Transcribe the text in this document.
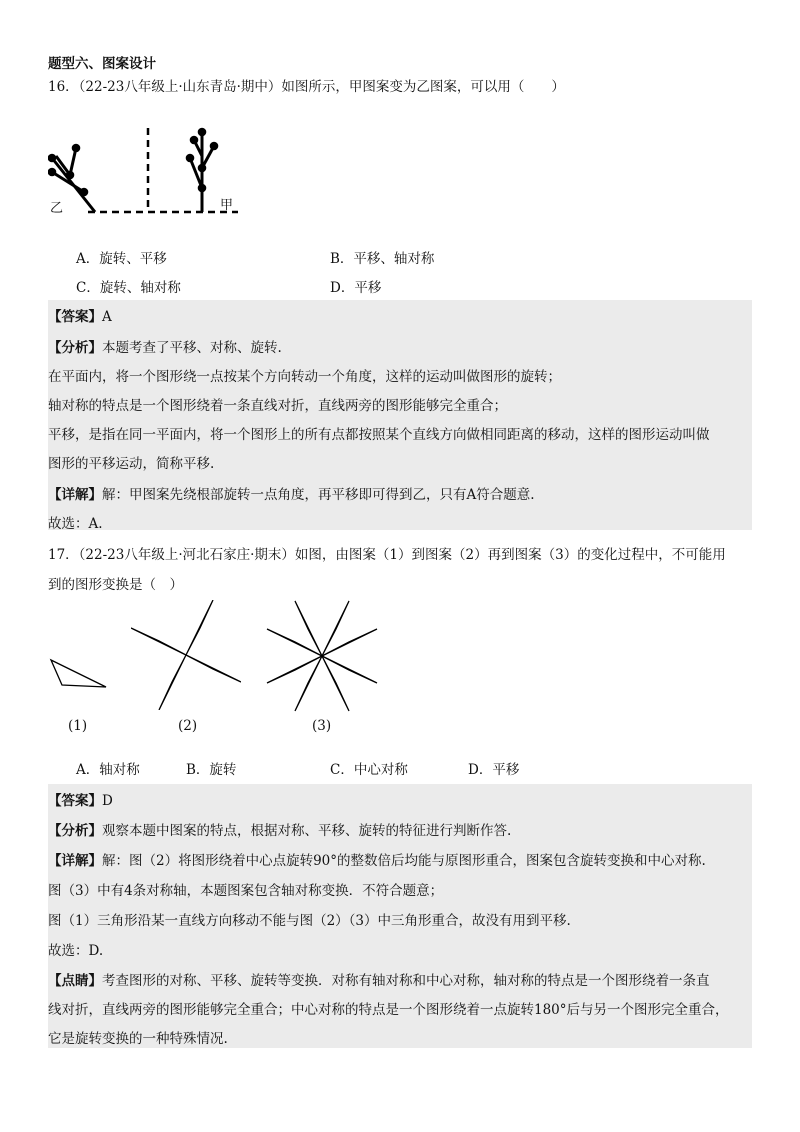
题型六、图案设计
16．（22-23八年级上·山东青岛·期中）如图所示，甲图案变为乙图案，可以用（　　）
乙	甲
A．旋转、平移	B．平移、轴对称
C．旋转、轴对称	D．平移
【答案】A
【分析】本题考查了平移、对称、旋转.
在平面内，将一个图形绕一点按某个方向转动一个角度，这样的运动叫做图形的旋转；
轴对称的特点是一个图形绕着一条直线对折，直线两旁的图形能够完全重合；
平移，是指在同一平面内，将一个图形上的所有点都按照某个直线方向做相同距离的移动，这样的图形运动叫做
图形的平移运动，简称平移.
【详解】解：甲图案先绕根部旋转一点角度，再平移即可得到乙，只有A符合题意.
故选：A.
17．（22-23八年级上·河北石家庄·期末）如图，由图案（1）到图案（2）再到图案（3）的变化过程中，不可能用
到的图形变换是（　）
(1)	(2)	(3)
A．轴对称	B．旋转	C．中心对称	D．平移
【答案】D
【分析】观察本题中图案的特点，根据对称、平移、旋转的特征进行判断作答.
【详解】解：图（2）将图形绕着中心点旋转90°的整数倍后均能与原图形重合，图案包含旋转变换和中心对称.
图（3）中有4条对称轴，本题图案包含轴对称变换．不符合题意；
图（1）三角形沿某一直线方向移动不能与图（2）（3）中三角形重合，故没有用到平移.
故选：D.
【点睛】考查图形的对称、平移、旋转等变换．对称有轴对称和中心对称，轴对称的特点是一个图形绕着一条直
线对折，直线两旁的图形能够完全重合；中心对称的特点是一个图形绕着一点旋转180°后与另一个图形完全重合，
它是旋转变换的一种特殊情况.
